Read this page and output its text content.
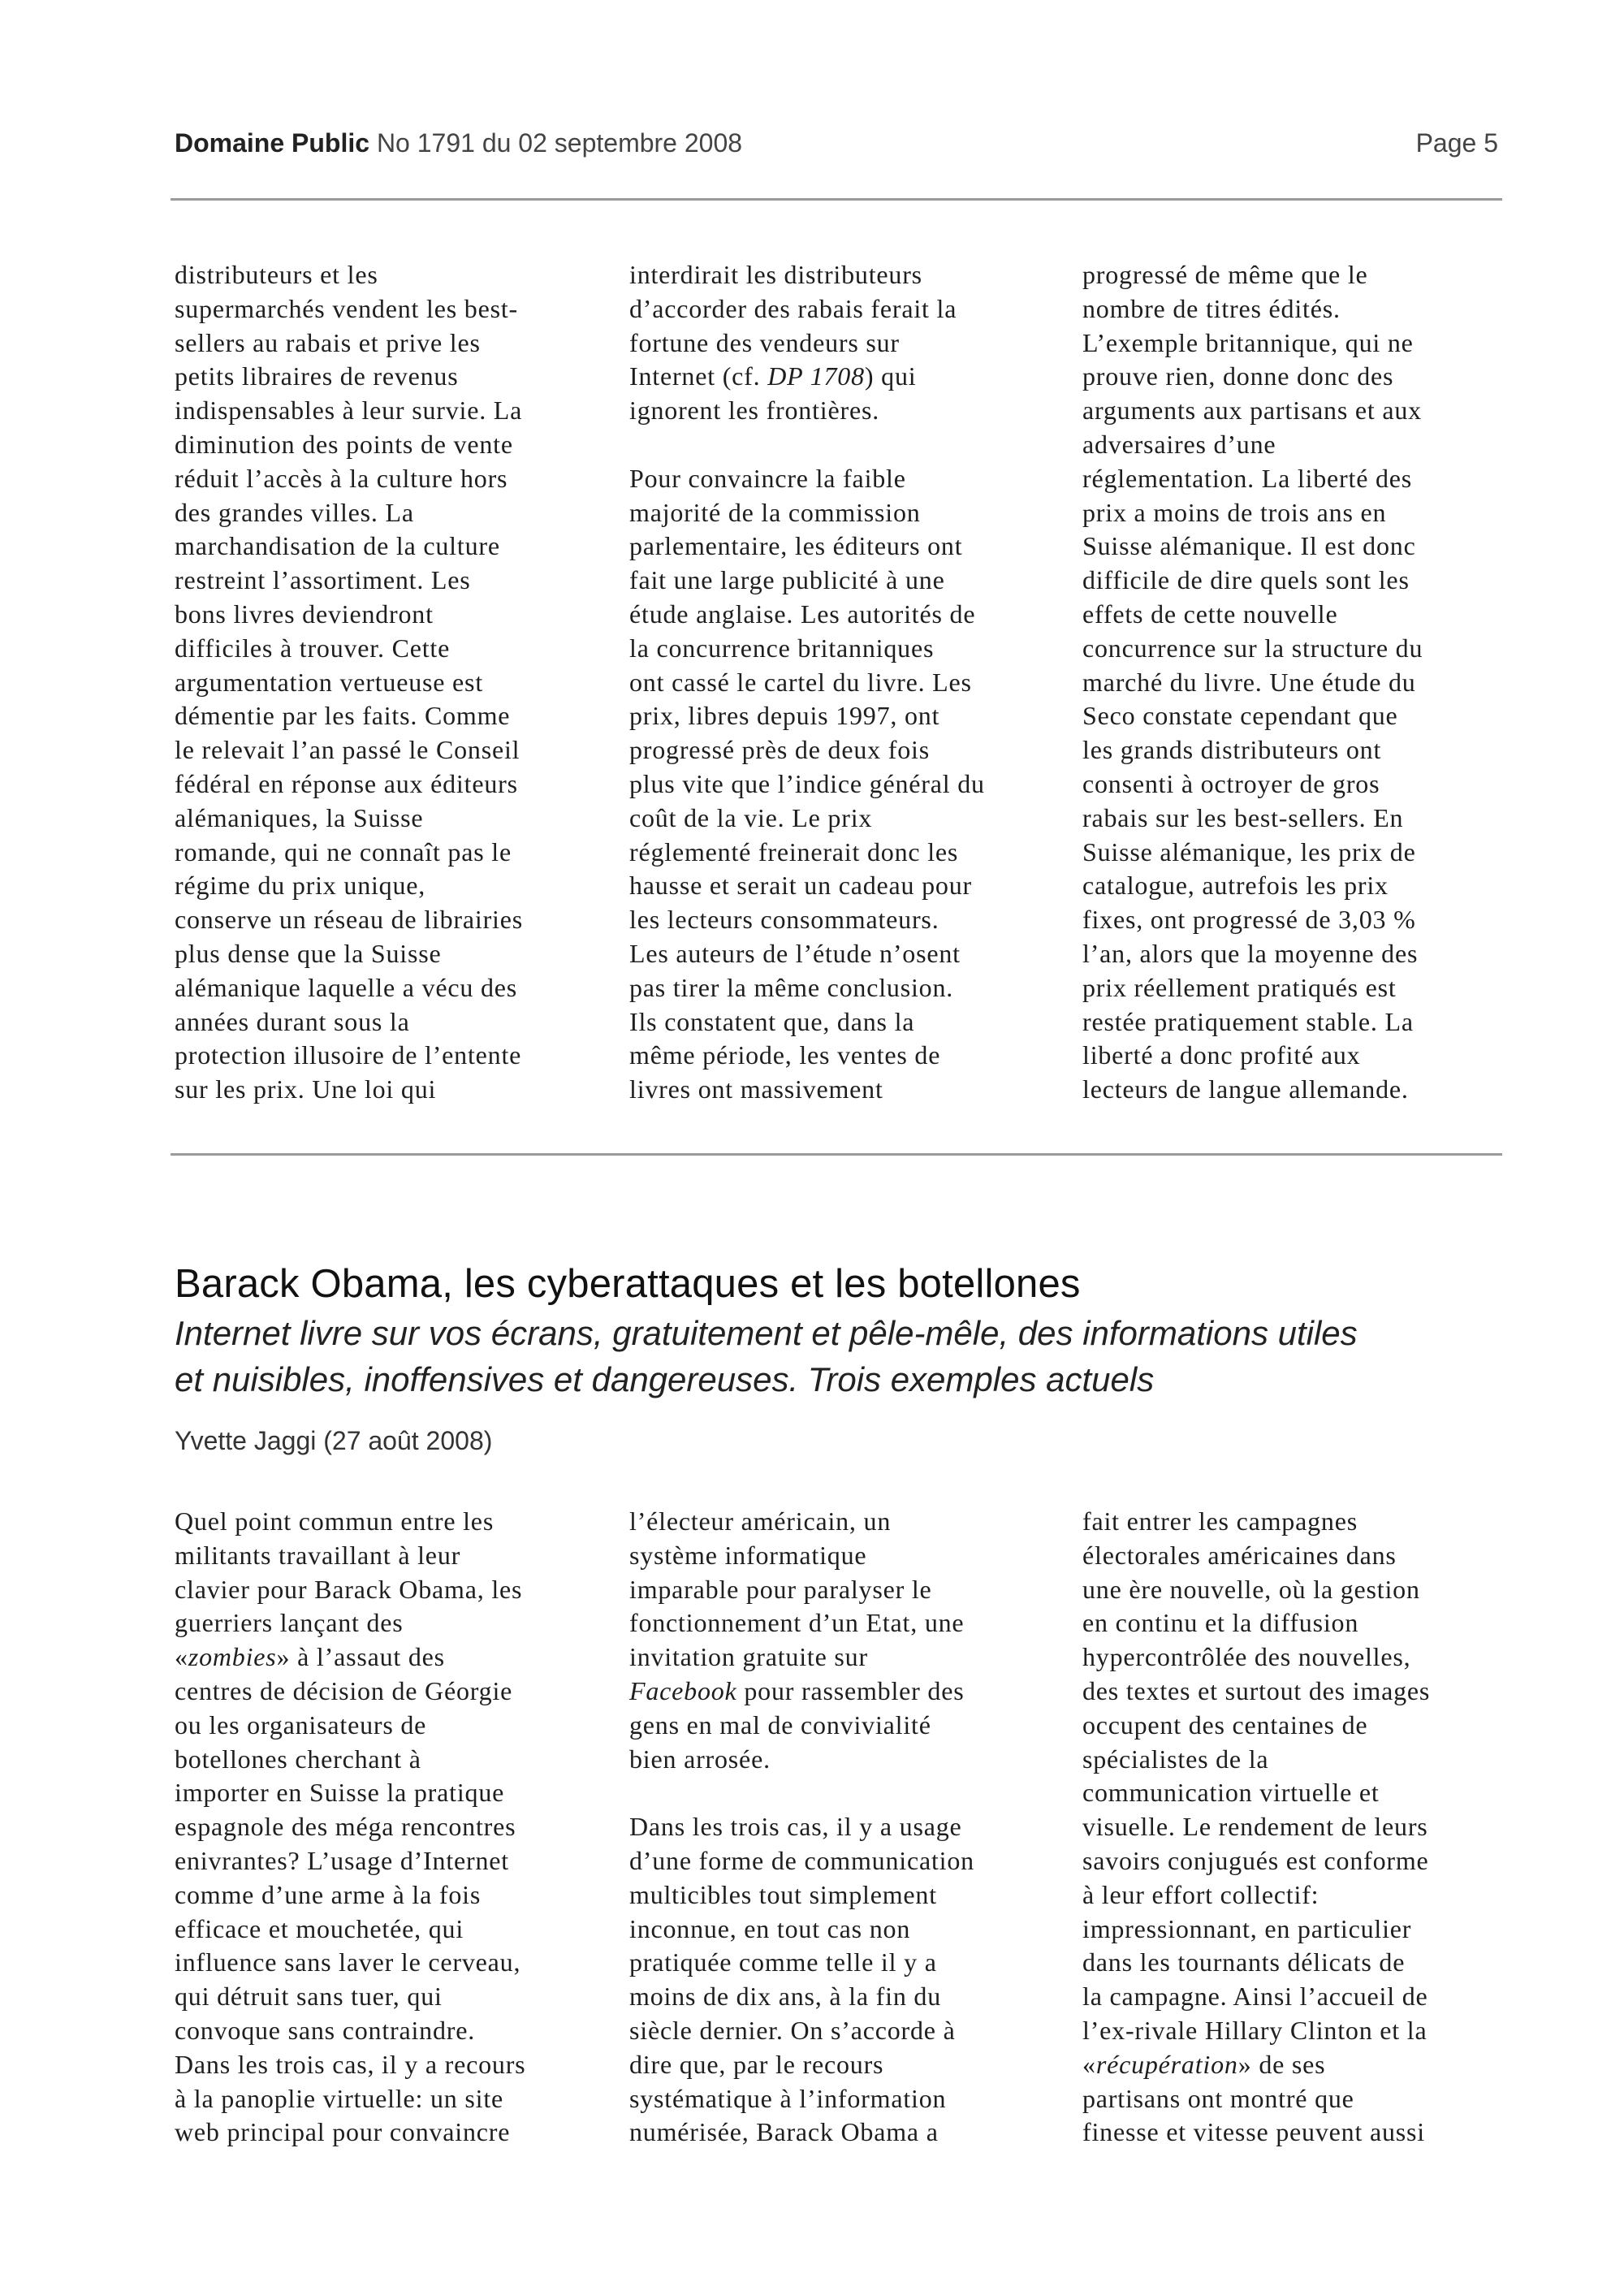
Domaine Public No 1791 du 02 septembre 2008	Page 5
distributeurs et les
supermarchés vendent les best-
sellers au rabais et prive les
petits libraires de revenus
indispensables à leur survie. La
diminution des points de vente
réduit l’accès à la culture hors
des grandes villes. La
marchandisation de la culture
restreint l’assortiment. Les
bons livres deviendront
difficiles à trouver. Cette
argumentation vertueuse est
démentie par les faits. Comme
le relevait l’an passé le Conseil
fédéral en réponse aux éditeurs
alémaniques, la Suisse
romande, qui ne connaît pas le
régime du prix unique,
conserve un réseau de librairies
plus dense que la Suisse
alémanique laquelle a vécu des
années durant sous la
protection illusoire de l’entente
sur les prix. Une loi qui
interdirait les distributeurs
d’accorder des rabais ferait la
fortune des vendeurs sur
Internet (cf. DP 1708) qui
ignorent les frontières.
Pour convaincre la faible
majorité de la commission
parlementaire, les éditeurs ont
fait une large publicité à une
étude anglaise. Les autorités de
la concurrence britanniques
ont cassé le cartel du livre. Les
prix, libres depuis 1997, ont
progressé près de deux fois
plus vite que l’indice général du
coût de la vie. Le prix
réglementé freinerait donc les
hausse et serait un cadeau pour
les lecteurs consommateurs.
Les auteurs de l’étude n’osent
pas tirer la même conclusion.
Ils constatent que, dans la
même période, les ventes de
livres ont massivement
progressé de même que le
nombre de titres édités.
L’exemple britannique, qui ne
prouve rien, donne donc des
arguments aux partisans et aux
adversaires d’une
réglementation. La liberté des
prix a moins de trois ans en
Suisse alémanique. Il est donc
difficile de dire quels sont les
effets de cette nouvelle
concurrence sur la structure du
marché du livre. Une étude du
Seco constate cependant que
les grands distributeurs ont
consenti à octroyer de gros
rabais sur les best-sellers. En
Suisse alémanique, les prix de
catalogue, autrefois les prix
fixes, ont progressé de 3,03 %
l’an, alors que la moyenne des
prix réellement pratiqués est
restée pratiquement stable. La
liberté a donc profité aux
lecteurs de langue allemande.
Barack Obama, les cyberattaques et les botellones
Internet livre sur vos écrans, gratuitement et pêle-mêle, des informations utiles
et nuisibles, inoffensives et dangereuses. Trois exemples actuels
Yvette Jaggi (27 août 2008)
Quel point commun entre les
militants travaillant à leur
clavier pour Barack Obama, les
guerriers lançant des
«zombies» à l’assaut des
centres de décision de Géorgie
ou les organisateurs de
botellones cherchant à
importer en Suisse la pratique
espagnole des méga rencontres
enivrantes? L’usage d’Internet
comme d’une arme à la fois
efficace et mouchetée, qui
influence sans laver le cerveau,
qui détruit sans tuer, qui
convoque sans contraindre.
Dans les trois cas, il y a recours
à la panoplie virtuelle: un site
web principal pour convaincre
l’électeur américain, un
système informatique
imparable pour paralyser le
fonctionnement d’un Etat, une
invitation gratuite sur
Facebook pour rassembler des
gens en mal de convivialité
bien arrosée.
Dans les trois cas, il y a usage
d’une forme de communication
multicibles tout simplement
inconnue, en tout cas non
pratiquée comme telle il y a
moins de dix ans, à la fin du
siècle dernier. On s’accorde à
dire que, par le recours
systématique à l’information
numérisée, Barack Obama a
fait entrer les campagnes
électorales américaines dans
une ère nouvelle, où la gestion
en continu et la diffusion
hypercontrôlée des nouvelles,
des textes et surtout des images
occupent des centaines de
spécialistes de la
communication virtuelle et
visuelle. Le rendement de leurs
savoirs conjugués est conforme
à leur effort collectif:
impressionnant, en particulier
dans les tournants délicats de
la campagne. Ainsi l’accueil de
l’ex-rivale Hillary Clinton et la
«récupération» de ses
partisans ont montré que
finesse et vitesse peuvent aussi
